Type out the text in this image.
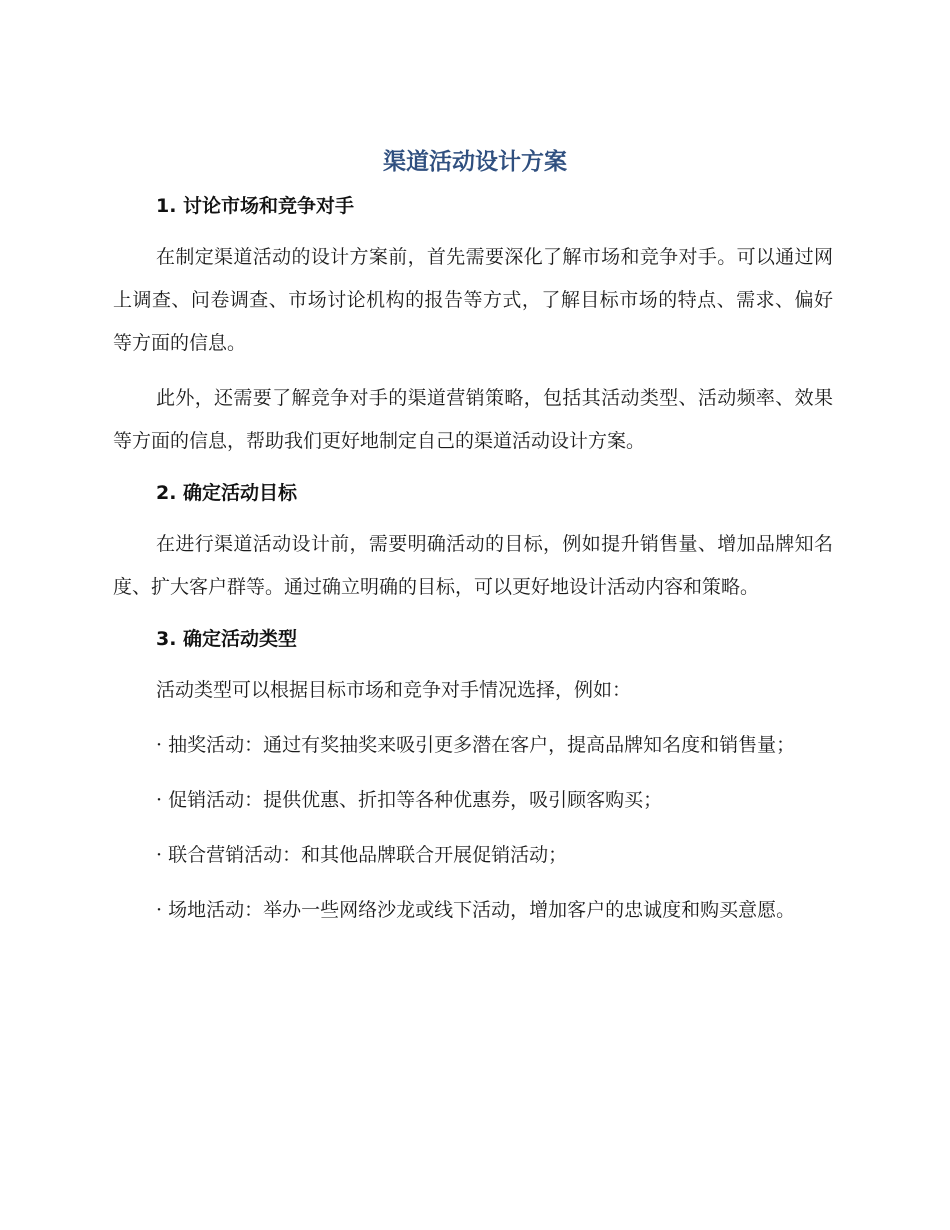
渠道活动设计方案
1. 讨论市场和竞争对手

在制定渠道活动的设计方案前，首先需要深化了解市场和竞争对手。可以通过网上调查、问卷调查、市场讨论机构的报告等方式，了解目标市场的特点、需求、偏好等方面的信息。

此外，还需要了解竞争对手的渠道营销策略，包括其活动类型、活动频率、效果等方面的信息，帮助我们更好地制定自己的渠道活动设计方案。

2. 确定活动目标

在进行渠道活动设计前，需要明确活动的目标，例如提升销售量、增加品牌知名度、扩大客户群等。通过确立明确的目标，可以更好地设计活动内容和策略。

3. 确定活动类型

活动类型可以根据目标市场和竞争对手情况选择，例如：

· 抽奖活动：通过有奖抽奖来吸引更多潜在客户，提高品牌知名度和销售量；

· 促销活动：提供优惠、折扣等各种优惠券，吸引顾客购买；

· 联合营销活动：和其他品牌联合开展促销活动；

· 场地活动：举办一些网络沙龙或线下活动，增加客户的忠诚度和购买意愿。
